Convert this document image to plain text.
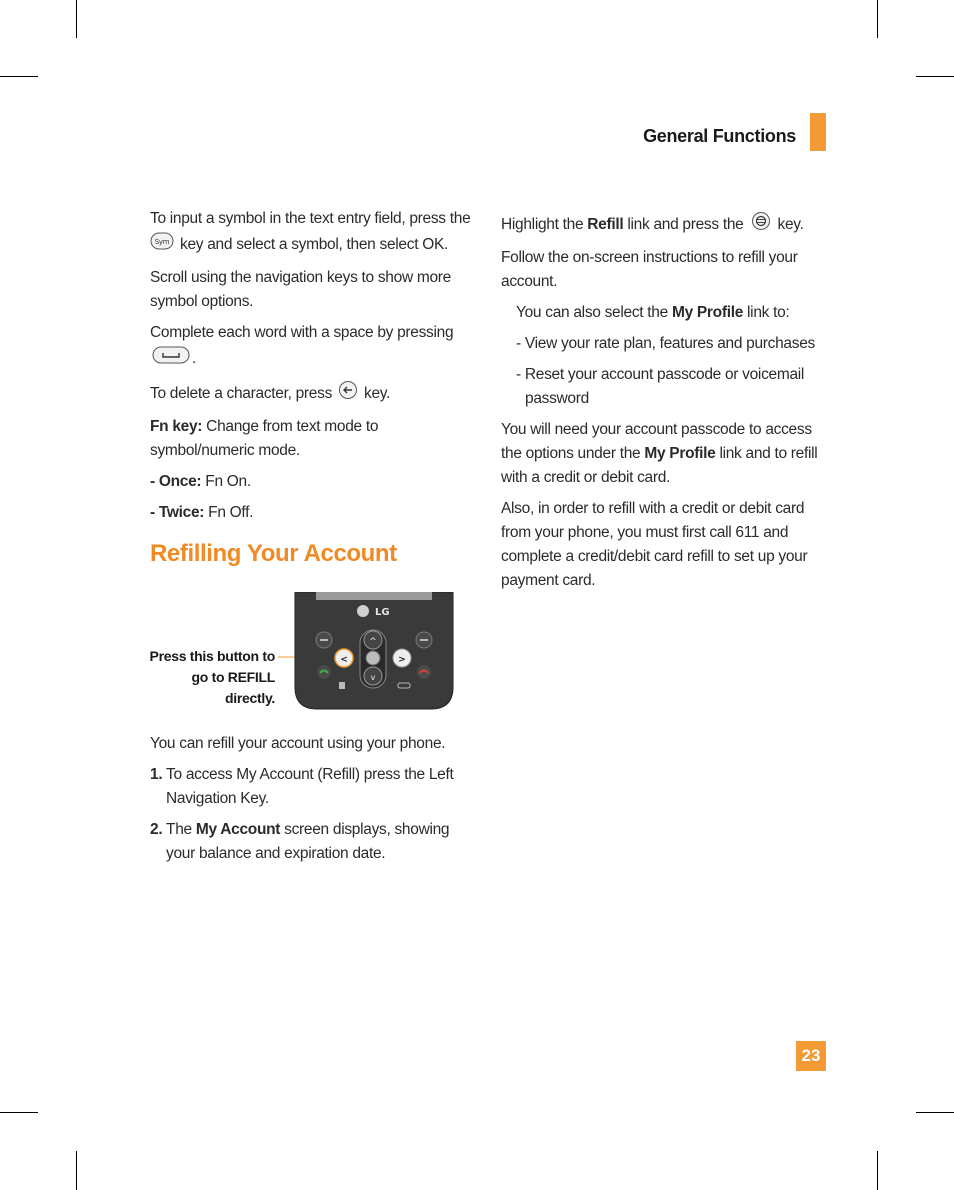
General Functions

To input a symbol in the text entry field, press the

Sym key and select a symbol, then select OK.

Scroll using the navigation keys to show more symbol options.

Complete each word with a space by pressing
.

To delete a character, press  key.

Fn key: Change from text mode to symbol/numeric mode.

- Once: Fn On.

- Twice: Fn Off.

Refilling Your Account
Press this button to go to REFILL directly.
LG
^
v
<	>

You can refill your account using your phone.

1. To access My Account (Refill) press the Left Navigation Key.

2. The My Account screen displays, showing your balance and expiration date.

Highlight the Refill link and press the  key.

Follow the on-screen instructions to refill your account.

You can also select the My Profile link to:

- View your rate plan, features and purchases

- Reset your account passcode or voicemail password

You will need your account passcode to access the options under the My Profile link and to refill with a credit or debit card.

Also, in order to refill with a credit or debit card from your phone, you must first call 611 and complete a credit/debit card refill to set up your payment card.

23
